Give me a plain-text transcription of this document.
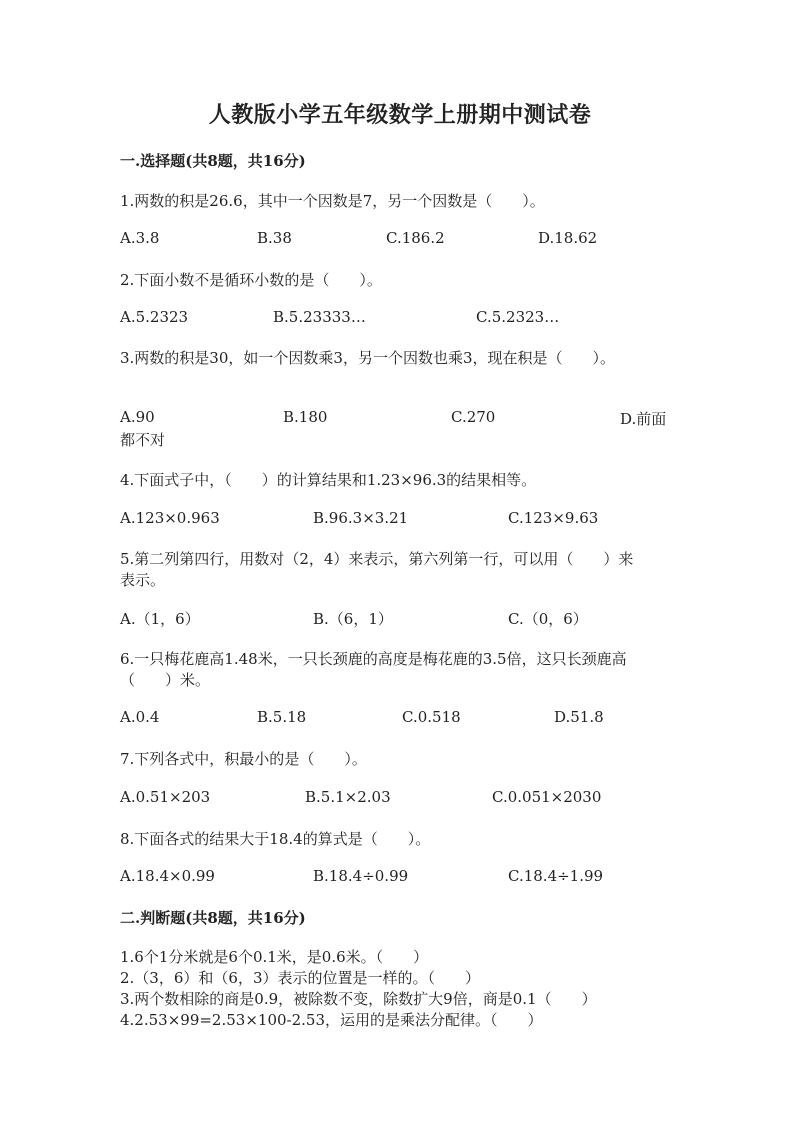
人教版小学五年级数学上册期中测试卷
一.选择题(共8题，共16分)
1.两数的积是26.6，其中一个因数是7，另一个因数是（　　）。
A.3.8	B.38	C.186.2	D.18.62
2.下面小数不是循环小数的是（　　）。
A.5.2323	B.5.23333…	C.5.2323…
3.两数的积是30，如一个因数乘3，另一个因数也乘3，现在积是（　　）。
A.90	B.180	C.270	D.前面
都不对
4.下面式子中，（　　）的计算结果和1.23×96.3的结果相等。
A.123×0.963	B.96.3×3.21	C.123×9.63
5.第二列第四行，用数对（2，4）来表示，第六列第一行，可以用（　　）来
表示。
A.（1，6）	B.（6，1）	C.（0，6）
6.一只梅花鹿高1.48米，一只长颈鹿的高度是梅花鹿的3.5倍，这只长颈鹿高
（　　）米。
A.0.4	B.5.18	C.0.518	D.51.8
7.下列各式中，积最小的是（　　）。
A.0.51×203	B.5.1×2.03	C.0.051×2030
8.下面各式的结果大于18.4的算式是（　　）。
A.18.4×0.99	B.18.4÷0.99	C.18.4÷1.99
二.判断题(共8题，共16分)
1.6个1分米就是6个0.1米，是0.6米。（　　）
2.（3，6）和（6，3）表示的位置是一样的。（　　）
3.两个数相除的商是0.9，被除数不变，除数扩大9倍，商是0.1（　　）
4.2.53×99=2.53×100-2.53，运用的是乘法分配律。（　　）
